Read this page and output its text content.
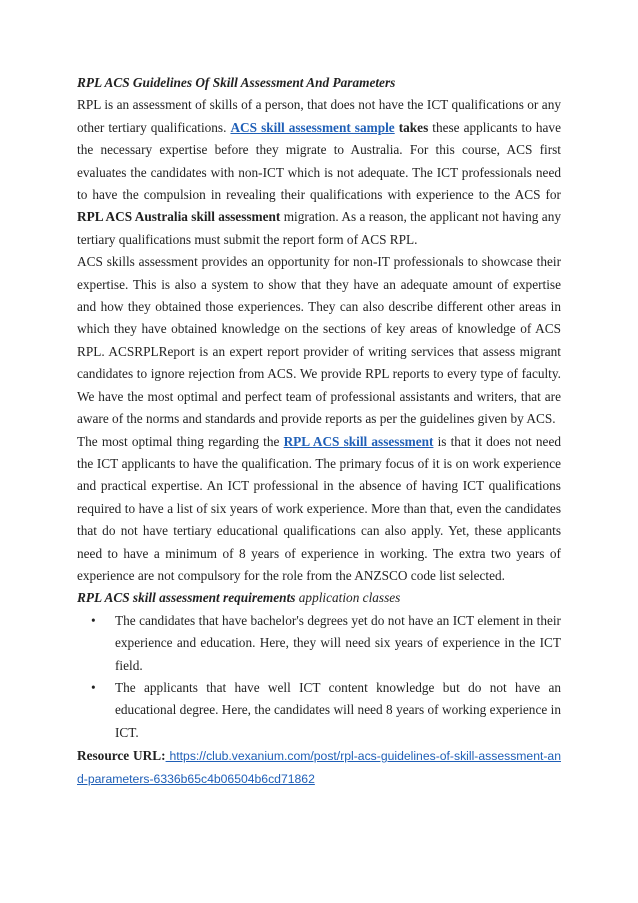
RPL ACS Guidelines Of Skill Assessment And Parameters

RPL is an assessment of skills of a person, that does not have the ICT qualifications or any other tertiary qualifications. ACS skill assessment sample takes these applicants to have the necessary expertise before they migrate to Australia. For this course, ACS first evaluates the candidates with non-ICT which is not adequate. The ICT professionals need to have the compulsion in revealing their qualifications with experience to the ACS for RPL ACS Australia skill assessment migration. As a reason, the applicant not having any tertiary qualifications must submit the report form of ACS RPL.

ACS skills assessment provides an opportunity for non-IT professionals to showcase their expertise. This is also a system to show that they have an adequate amount of expertise and how they obtained those experiences. They can also describe different other areas in which they have obtained knowledge on the sections of key areas of knowledge of ACS RPL. ACSRPLReport is an expert report provider of writing services that assess migrant candidates to ignore rejection from ACS. We provide RPL reports to every type of faculty. We have the most optimal and perfect team of professional assistants and writers, that are aware of the norms and standards and provide reports as per the guidelines given by ACS.

The most optimal thing regarding the RPL ACS skill assessment is that it does not need the ICT applicants to have the qualification. The primary focus of it is on work experience and practical expertise. An ICT professional in the absence of having ICT qualifications required to have a list of six years of work experience. More than that, even the candidates that do not have tertiary educational qualifications can also apply. Yet, these applicants need to have a minimum of 8 years of experience in working. The extra two years of experience are not compulsory for the role from the ANZSCO code list selected.

RPL ACS skill assessment requirements application classes

• The candidates that have bachelor's degrees yet do not have an ICT element in their experience and education. Here, they will need six years of experience in the ICT field.
• The applicants that have well ICT content knowledge but do not have an educational degree. Here, the candidates will need 8 years of working experience in ICT.

Resource URL: https://club.vexanium.com/post/rpl-acs-guidelines-of-skill-assessment-and-parameters-6336b65c4b06504b6cd71862
